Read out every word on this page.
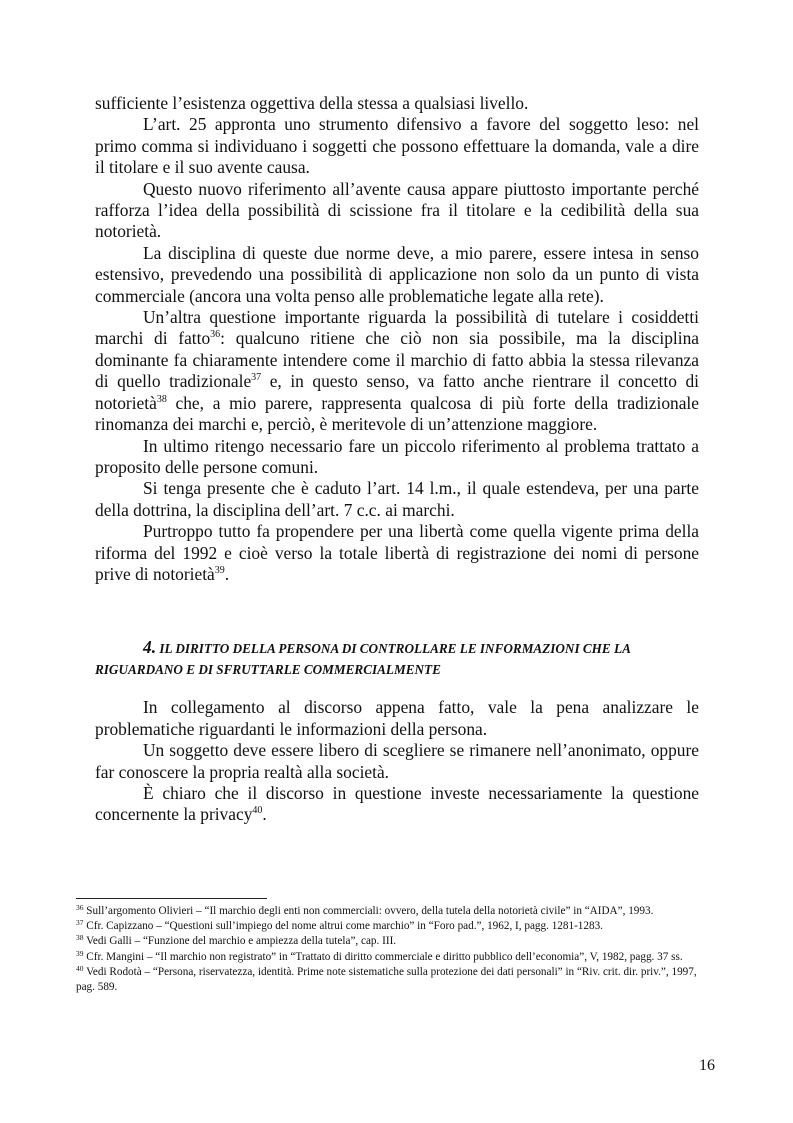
sufficiente l’esistenza oggettiva della stessa a qualsiasi livello.

L’art. 25 appronta uno strumento difensivo a favore del soggetto leso: nel primo comma si individuano i soggetti che possono effettuare la domanda, vale a dire il titolare e il suo avente causa.

Questo nuovo riferimento all’avente causa appare piuttosto importante perché rafforza l’idea della possibilità di scissione fra il titolare e la cedibilità della sua notorietà.

La disciplina di queste due norme deve, a mio parere, essere intesa in senso estensivo, prevedendo una possibilità di applicazione non solo da un punto di vista commerciale (ancora una volta penso alle problematiche legate alla rete).

Un’altra questione importante riguarda la possibilità di tutelare i cosiddetti marchi di fatto$^{36}$: qualcuno ritiene che ciò non sia possibile, ma la disciplina dominante fa chiaramente intendere come il marchio di fatto abbia la stessa rilevanza di quello tradizionale$^{37}$ e, in questo senso, va fatto anche rientrare il concetto di notorietà$^{38}$ che, a mio parere, rappresenta qualcosa di più forte della tradizionale rinomanza dei marchi e, perciò, è meritevole di un’attenzione maggiore.

In ultimo ritengo necessario fare un piccolo riferimento al problema trattato a proposito delle persone comuni.

Si tenga presente che è caduto l’art. 14 l.m., il quale estendeva, per una parte della dottrina, la disciplina dell’art. 7 c.c. ai marchi.

Purtroppo tutto fa propendere per una libertà come quella vigente prima della riforma del 1992 e cioè verso la totale libertà di registrazione dei nomi di persone prive di notorietà$^{39}$.

4. IL DIRITTO DELLA PERSONA DI CONTROLLARE LE INFORMAZIONI CHE LA RIGUARDANO E DI SFRUTTARLE COMMERCIALMENTE

In collegamento al discorso appena fatto, vale la pena analizzare le problematiche riguardanti le informazioni della persona.

Un soggetto deve essere libero di scegliere se rimanere nell’anonimato, oppure far conoscere la propria realtà alla società.

È chiaro che il discorso in questione investe necessariamente la questione concernente la privacy$^{40}$.

$^{36}$ Sull’argomento Olivieri – “Il marchio degli enti non commerciali: ovvero, della tutela della notorietà civile” in “AIDA”, 1993.

$^{37}$ Cfr. Capizzano – “Questioni sull’impiego del nome altrui come marchio” in “Foro pad.”, 1962, I, pagg. 1281-1283.

$^{38}$ Vedi Galli – “Funzione del marchio e ampiezza della tutela”, cap. III.

$^{39}$ Cfr. Mangini – “Il marchio non registrato” in “Trattato di diritto commerciale e diritto pubblico dell’economia”, V, 1982, pagg. 37 ss.

$^{40}$ Vedi Rodotà – “Persona, riservatezza, identità. Prime note sistematiche sulla protezione dei dati personali” in “Riv. crit. dir. priv.”, 1997, pag. 589.

16
